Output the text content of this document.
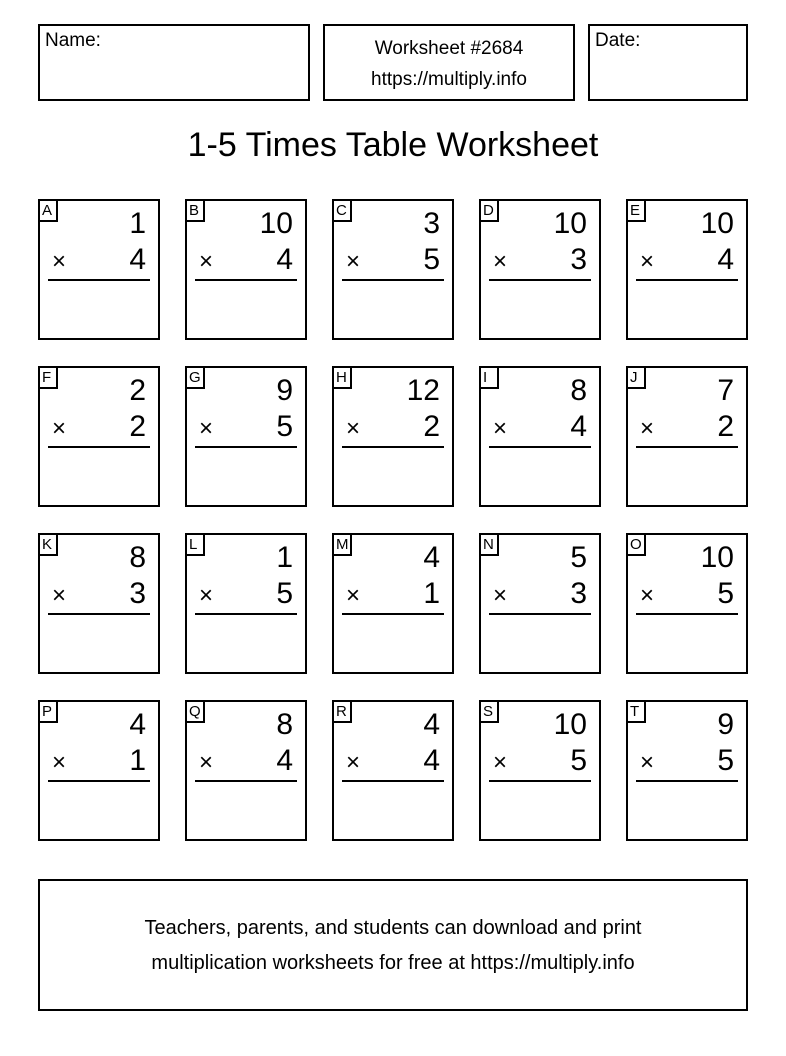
Name:	Worksheet #2684
https://multiply.info
Date:
1-5 Times Table Worksheet
A	1
× 4
B 10
× 4
C	3
× 5
D 10
× 3
E 10
× 4
F	2
× 2
G	9
× 5
H 12
× 2
I	8
× 4
J	7
× 2
K	8
× 3
L	1
× 5
M 4
× 1
N	5
× 3
O 10
× 5
P	4
× 1
Q	8
× 4
R	4
× 4
S 10
× 5
T	9
× 5
Teachers, parents, and students can download and print
multiplication worksheets for free at https://multiply.info
